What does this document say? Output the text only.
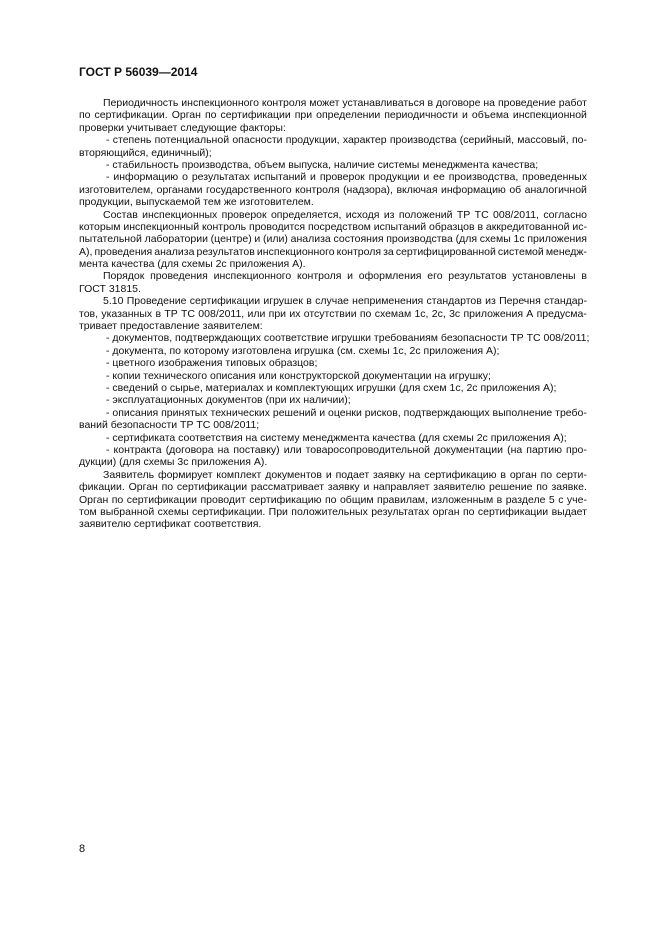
ГОСТ Р 56039—2014
Периодичность инспекционного контроля может устанавливаться в договоре на проведение работ
по сертификации. Орган по сертификации при определении периодичности и объема инспекционной
проверки учитывает следующие факторы:
- степень потенциальной опасности продукции, характер производства (серийный, массовый, по-
вторяющийся, единичный);
- стабильность производства, объем выпуска, наличие системы менеджмента качества;
- информацию о результатах испытаний и проверок продукции и ее производства, проведенных
изготовителем, органами государственного контроля (надзора), включая информацию об аналогичной
продукции, выпускаемой тем же изготовителем.
Состав инспекционных проверок определяется, исходя из положений ТР ТС 008/2011, согласно
которым инспекционный контроль проводится посредством испытаний образцов в аккредитованной ис-
пытательной лаборатории (центре) и (или) анализа состояния производства (для схемы 1с приложения
А), проведения анализа результатов инспекционного контроля за сертифицированной системой менедж-
мента качества (для схемы 2с приложения А).
Порядок проведения инспекционного контроля и оформления его результатов установлены в
ГОСТ 31815.
5.10 Проведение сертификации игрушек в случае неприменения стандартов из Перечня стандар-
тов, указанных в ТР ТС 008/2011, или при их отсутствии по схемам 1с, 2с, 3с приложения А предусма-
тривает предоставление заявителем:
- документов, подтверждающих соответствие игрушки требованиям безопасности ТР ТС 008/2011;
- документа, по которому изготовлена игрушка (см. схемы 1с, 2с приложения А);
- цветного изображения типовых образцов;
- копии технического описания или конструкторской документации на игрушку;
- сведений о сырье, материалах и комплектующих игрушки (для схем 1с, 2с приложения А);
- эксплуатационных документов (при их наличии);
- описания принятых технических решений и оценки рисков, подтверждающих выполнение требо-
ваний безопасности ТР ТС 008/2011;
- сертификата соответствия на систему менеджмента качества (для схемы 2с приложения А);
- контракта (договора на поставку) или товаросопроводительной документации (на партию про-
дукции) (для схемы 3с приложения А).
Заявитель формирует комплект документов и подает заявку на сертификацию в орган по серти-
фикации. Орган по сертификации рассматривает заявку и направляет заявителю решение по заявке.
Орган по сертификации проводит сертификацию по общим правилам, изложенным в разделе 5 с уче-
том выбранной схемы сертификации. При положительных результатах орган по сертификации выдает
заявителю сертификат соответствия.
8
